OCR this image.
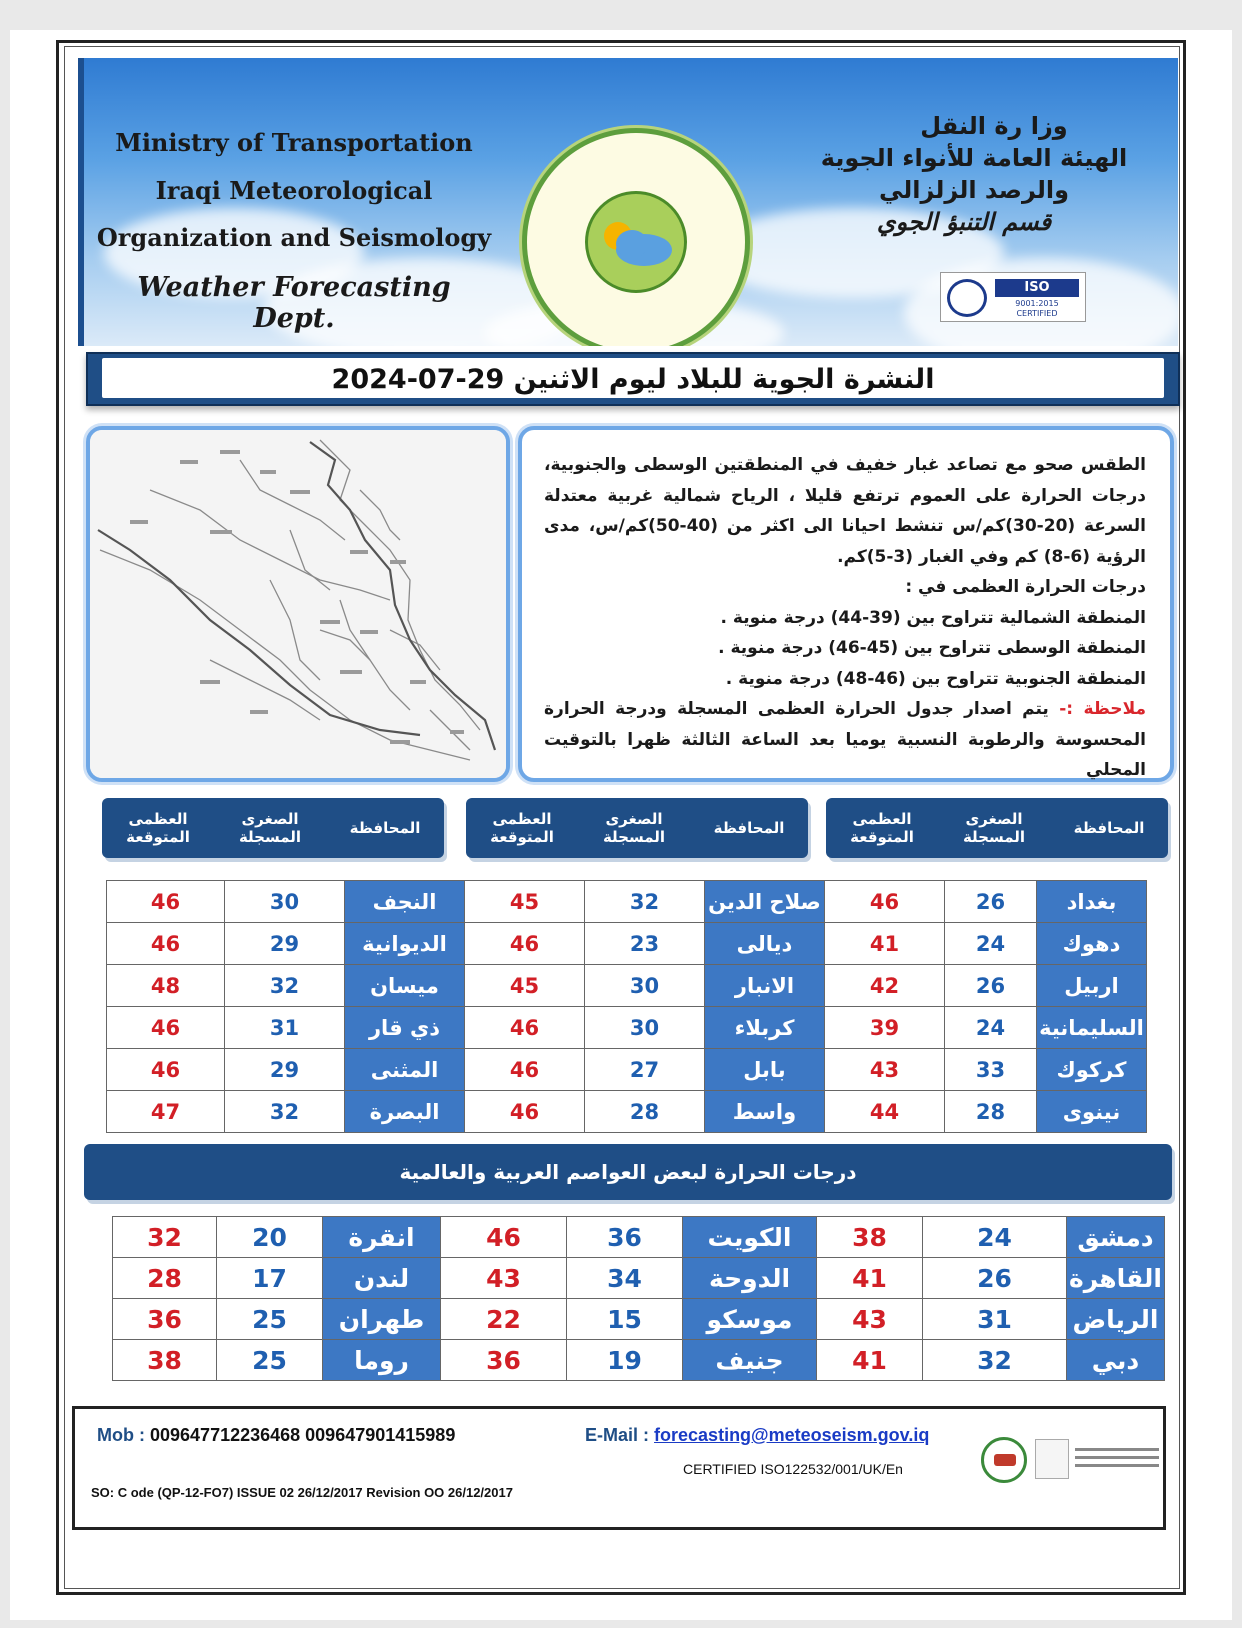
Ministry of Transportation
Iraqi Meteorological
Organization and Seismology
Weather Forecasting Dept.
وزا رة النقل
الهيئة العامة للأنواء الجوية
والرصد الزلزالي
قسم التنبؤ الجوي
ISO
9001:2015 CERTIFIED
النشرة الجوية للبلاد ليوم الاثنين 29-07-2024

الطقس صحو مع تصاعد غبار خفيف في المنطقتين الوسطى والجنوبية، درجات الحرارة على العموم ترتفع قليلا ، الرياح شمالية غربية معتدلة السرعة (20-30)كم/س تنشط احيانا الى اكثر من (40-50)كم/س، مدى الرؤية (6-8) كم وفي الغبار (3-5)كم.

درجات الحرارة العظمى في :

المنطقة الشمالية تتراوح بين (39-44) درجة منوية .

المنطقة الوسطى تتراوح بين (45-46) درجة منوية .

المنطقة الجنوبية تتراوح بين (46-48) درجة منوية .

ملاحظة :- يتم اصدار جدول الحرارة العظمى المسجلة ودرجة الحرارة المحسوسة والرطوبة النسبية يوميا بعد الساعة الثالثة ظهرا بالتوقيت المحلي

المحافظة
الصغرى المسجلة
العظمى المتوقعة
المحافظة
الصغرى المسجلة
العظمى المتوقعة
المحافظة
الصغرى المسجلة
العظمى المتوقعة
46	30	النجف	45	32	صلاح الدين	46	26	بغداد
46	29	الديوانية	46	23	ديالى	41	24	دهوك
48	32	ميسان	45	30	الانبار	42	26	اربيل
46	31	ذي قار	46	30	كربلاء	39	24	السليمانية
46	29	المثنى	46	27	بابل	43	33	كركوك
47	32	البصرة	46	28	واسط	44	28	نينوى
درجات الحرارة لبعض العواصم العربية والعالمية
32	20	انقرة	46	36	الكويت	38	24	دمشق
28	17	لندن	43	34	الدوحة	41	26	القاهرة
36	25	طهران	22	15	موسكو	43	31	الرياض
38	25	روما	36	19	جنيف	41	32	دبي
Mob : 009647712236468 009647901415989	E-Mail : forecasting@meteoseism.gov.iq
CERTIFIED ISO122532/001/UK/En
SO: C ode (QP-12-FO7) ISSUE 02 26/12/2017 Revision OO 26/12/2017
